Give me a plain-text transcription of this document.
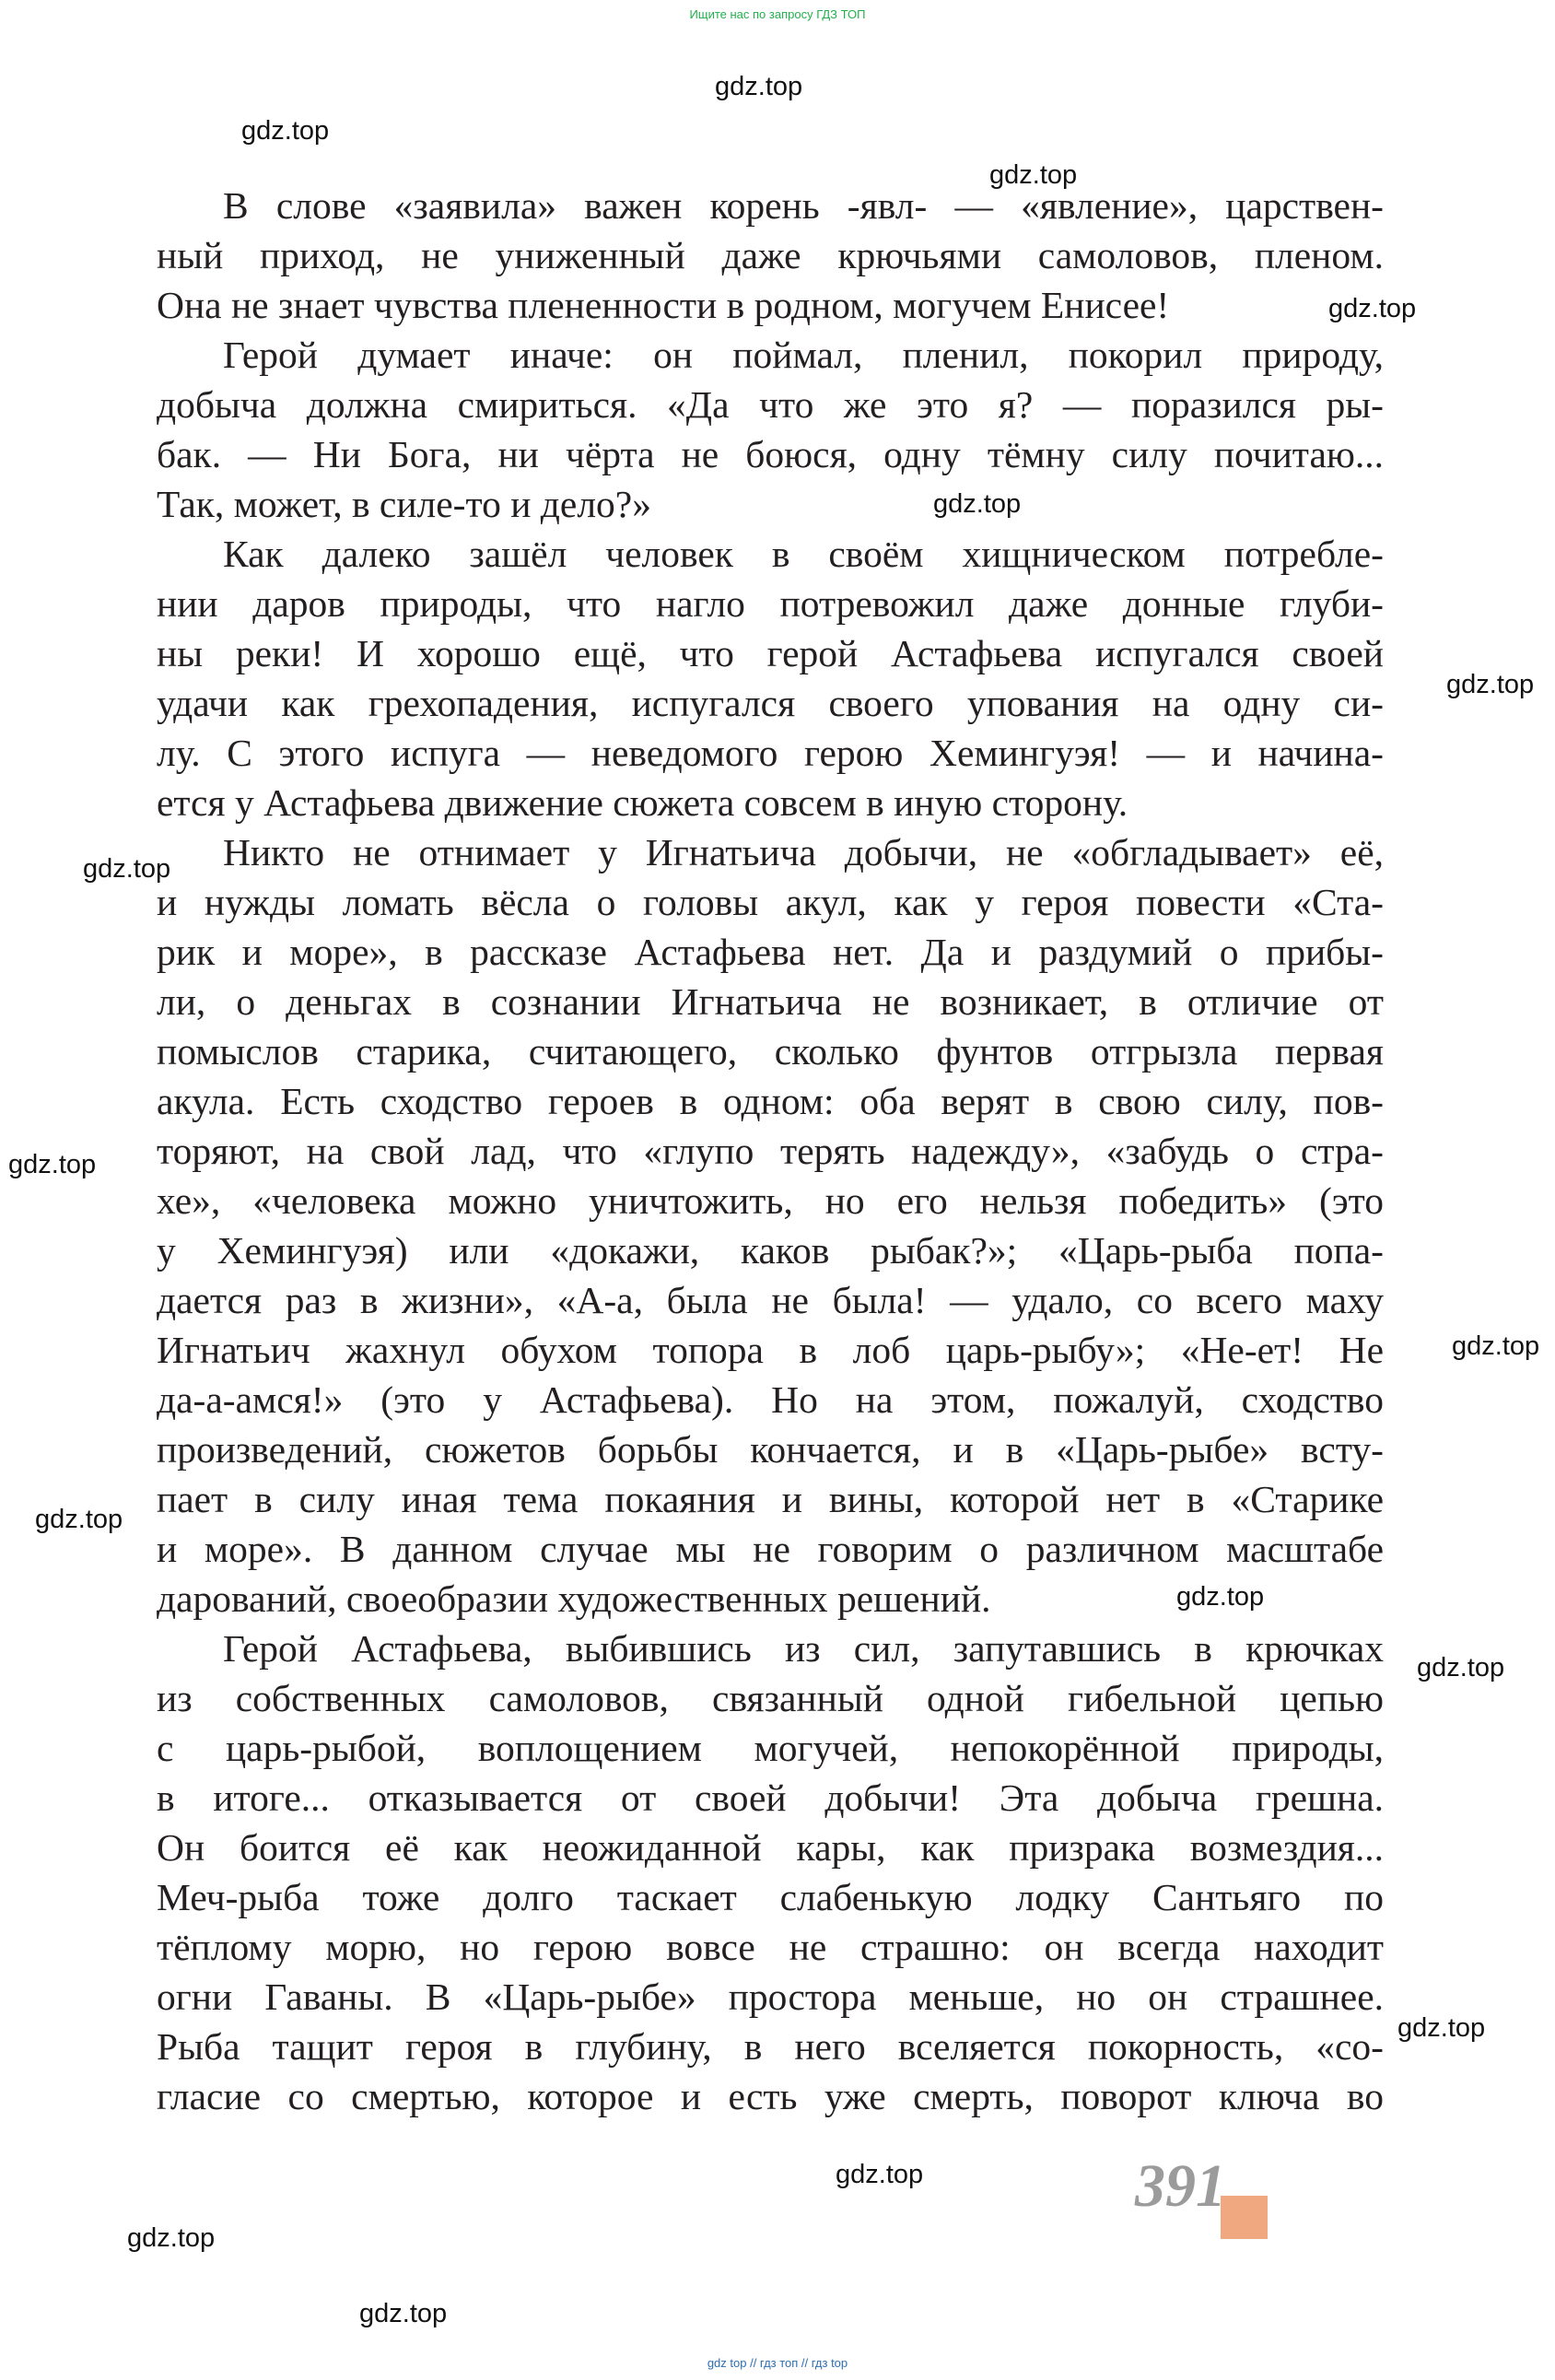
Ищите нас по запросу ГДЗ ТОП
В слове «заявила» важен корень -явл- — «явление», царствен-
ный приход, не униженный даже крючьями самоловов, пленом.
Она не знает чувства плененности в родном, могучем Енисее!
Герой думает иначе: он поймал, пленил, покорил природу,
добыча должна смириться. «Да что же это я? — поразился ры-
бак. — Ни Бога, ни чёрта не боюся, одну тёмну силу почитаю...
Так, может, в силе-то и дело?»
Как далеко зашёл человек в своём хищническом потребле-
нии даров природы, что нагло потревожил даже донные глуби-
ны реки! И хорошо ещё, что герой Астафьева испугался своей
удачи как грехопадения, испугался своего упования на одну си-
лу. С этого испуга — неведомого герою Хемингуэя! — и начина-
ется у Астафьева движение сюжета совсем в иную сторону.
Никто не отнимает у Игнатьича добычи, не «обгладывает» её,
и нужды ломать вёсла о головы акул, как у героя повести «Ста-
рик и море», в рассказе Астафьева нет. Да и раздумий о прибы-
ли, о деньгах в сознании Игнатьича не возникает, в отличие от
помыслов старика, считающего, сколько фунтов отгрызла первая
акула. Есть сходство героев в одном: оба верят в свою силу, пов-
торяют, на свой лад, что «глупо терять надежду», «забудь о стра-
хе», «человека можно уничтожить, но его нельзя победить» (это
у Хемингуэя) или «докажи, каков рыбак?»; «Царь-рыба попа-
дается раз в жизни», «А-а, была не была! — удало, со всего маху
Игнатьич жахнул обухом топора в лоб царь-рыбу»; «Не-ет! Не
да-а-амся!» (это у Астафьева). Но на этом, пожалуй, сходство
произведений, сюжетов борьбы кончается, и в «Царь-рыбе» всту-
пает в силу иная тема покаяния и вины, которой нет в «Старике
и море». В данном случае мы не говорим о различном масштабе
дарований, своеобразии художественных решений.
Герой Астафьева, выбившись из сил, запутавшись в крючках
из собственных самоловов, связанный одной гибельной цепью
с царь-рыбой, воплощением могучей, непокорённой природы,
в итоге... отказывается от своей добычи! Эта добыча грешна.
Он боится её как неожиданной кары, как призрака возмездия...
Меч-рыба тоже долго таскает слабенькую лодку Сантьяго по
тёплому морю, но герою вовсе не страшно: он всегда находит
огни Гаваны. В «Царь-рыбе» простора меньше, но он страшнее.
Рыба тащит героя в глубину, в него вселяется покорность, «со-
гласие со смертью, которое и есть уже смерть, поворот ключа во
gdz.top
gdz.top
gdz.top
gdz.top
gdz.top
gdz.top
gdz.top
gdz.top
gdz.top
gdz.top
gdz.top
gdz.top
gdz.top
gdz.top
gdz.top
gdz.top
391
gdz top // гдз топ // гдз top
